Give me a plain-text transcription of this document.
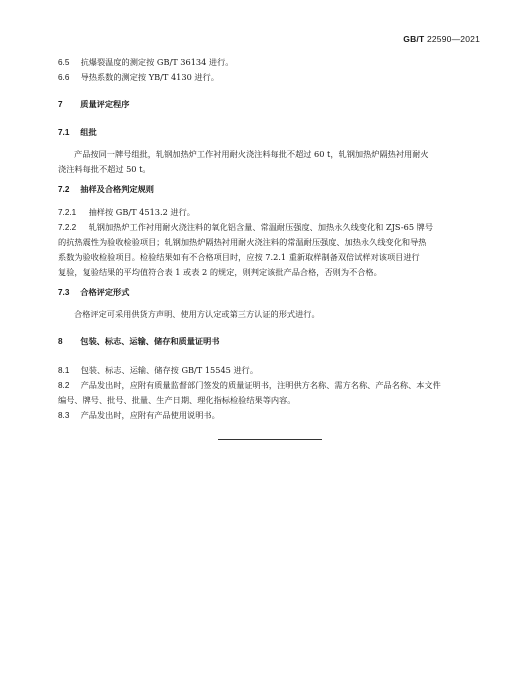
GB/T 22590—2021
6.5 抗爆裂温度的测定按 GB/T 36134 进行。
6.6 导热系数的测定按 YB/T 4130 进行。
7 质量评定程序
7.1 组批
产品按同一牌号组批，轧钢加热炉工作衬用耐火浇注料每批不超过 60 t，轧钢加热炉隔热衬用耐火
浇注料每批不超过 50 t。
7.2 抽样及合格判定规则
7.2.1 抽样按 GB/T 4513.2 进行。
7.2.2 轧钢加热炉工作衬用耐火浇注料的氧化铝含量、常温耐压强度、加热永久线变化和 ZJS-65 牌号
的抗热震性为验收检验项目；轧钢加热炉隔热衬用耐火浇注料的常温耐压强度、加热永久线变化和导热
系数为验收检验项目。检验结果如有不合格项目时，应按 7.2.1 重新取样制备双倍试样对该项目进行
复验，复验结果的平均值符合表 1 或表 2 的规定，则判定该批产品合格，否则为不合格。
7.3 合格评定形式
合格评定可采用供货方声明、使用方认定或第三方认证的形式进行。
8 包装、标志、运输、储存和质量证明书
8.1 包装、标志、运输、储存按 GB/T 15545 进行。
8.2 产品发出时，应附有质量监督部门签发的质量证明书，注明供方名称、需方名称、产品名称、本文件
编号、牌号、批号、批量、生产日期、理化指标检验结果等内容。
8.3 产品发出时，应附有产品使用说明书。
